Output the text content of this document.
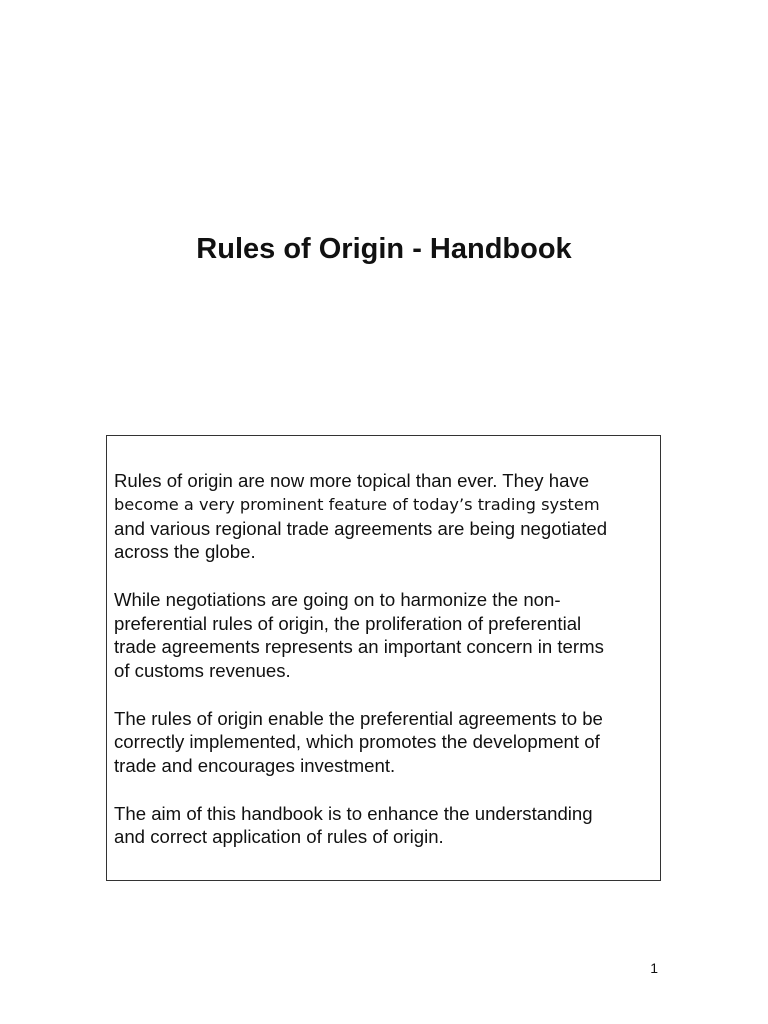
Rules of Origin - Handbook

Rules of origin are now more topical than ever. They have
become a very prominent feature of today’s trading system
and various regional trade agreements are being negotiated
across the globe.

While negotiations are going on to harmonize the non-
preferential rules of origin, the proliferation of preferential
trade agreements represents an important concern in terms
of customs revenues.

The rules of origin enable the preferential agreements to be
correctly implemented, which promotes the development of
trade and encourages investment.

The aim of this handbook is to enhance the understanding
and correct application of rules of origin.

1
